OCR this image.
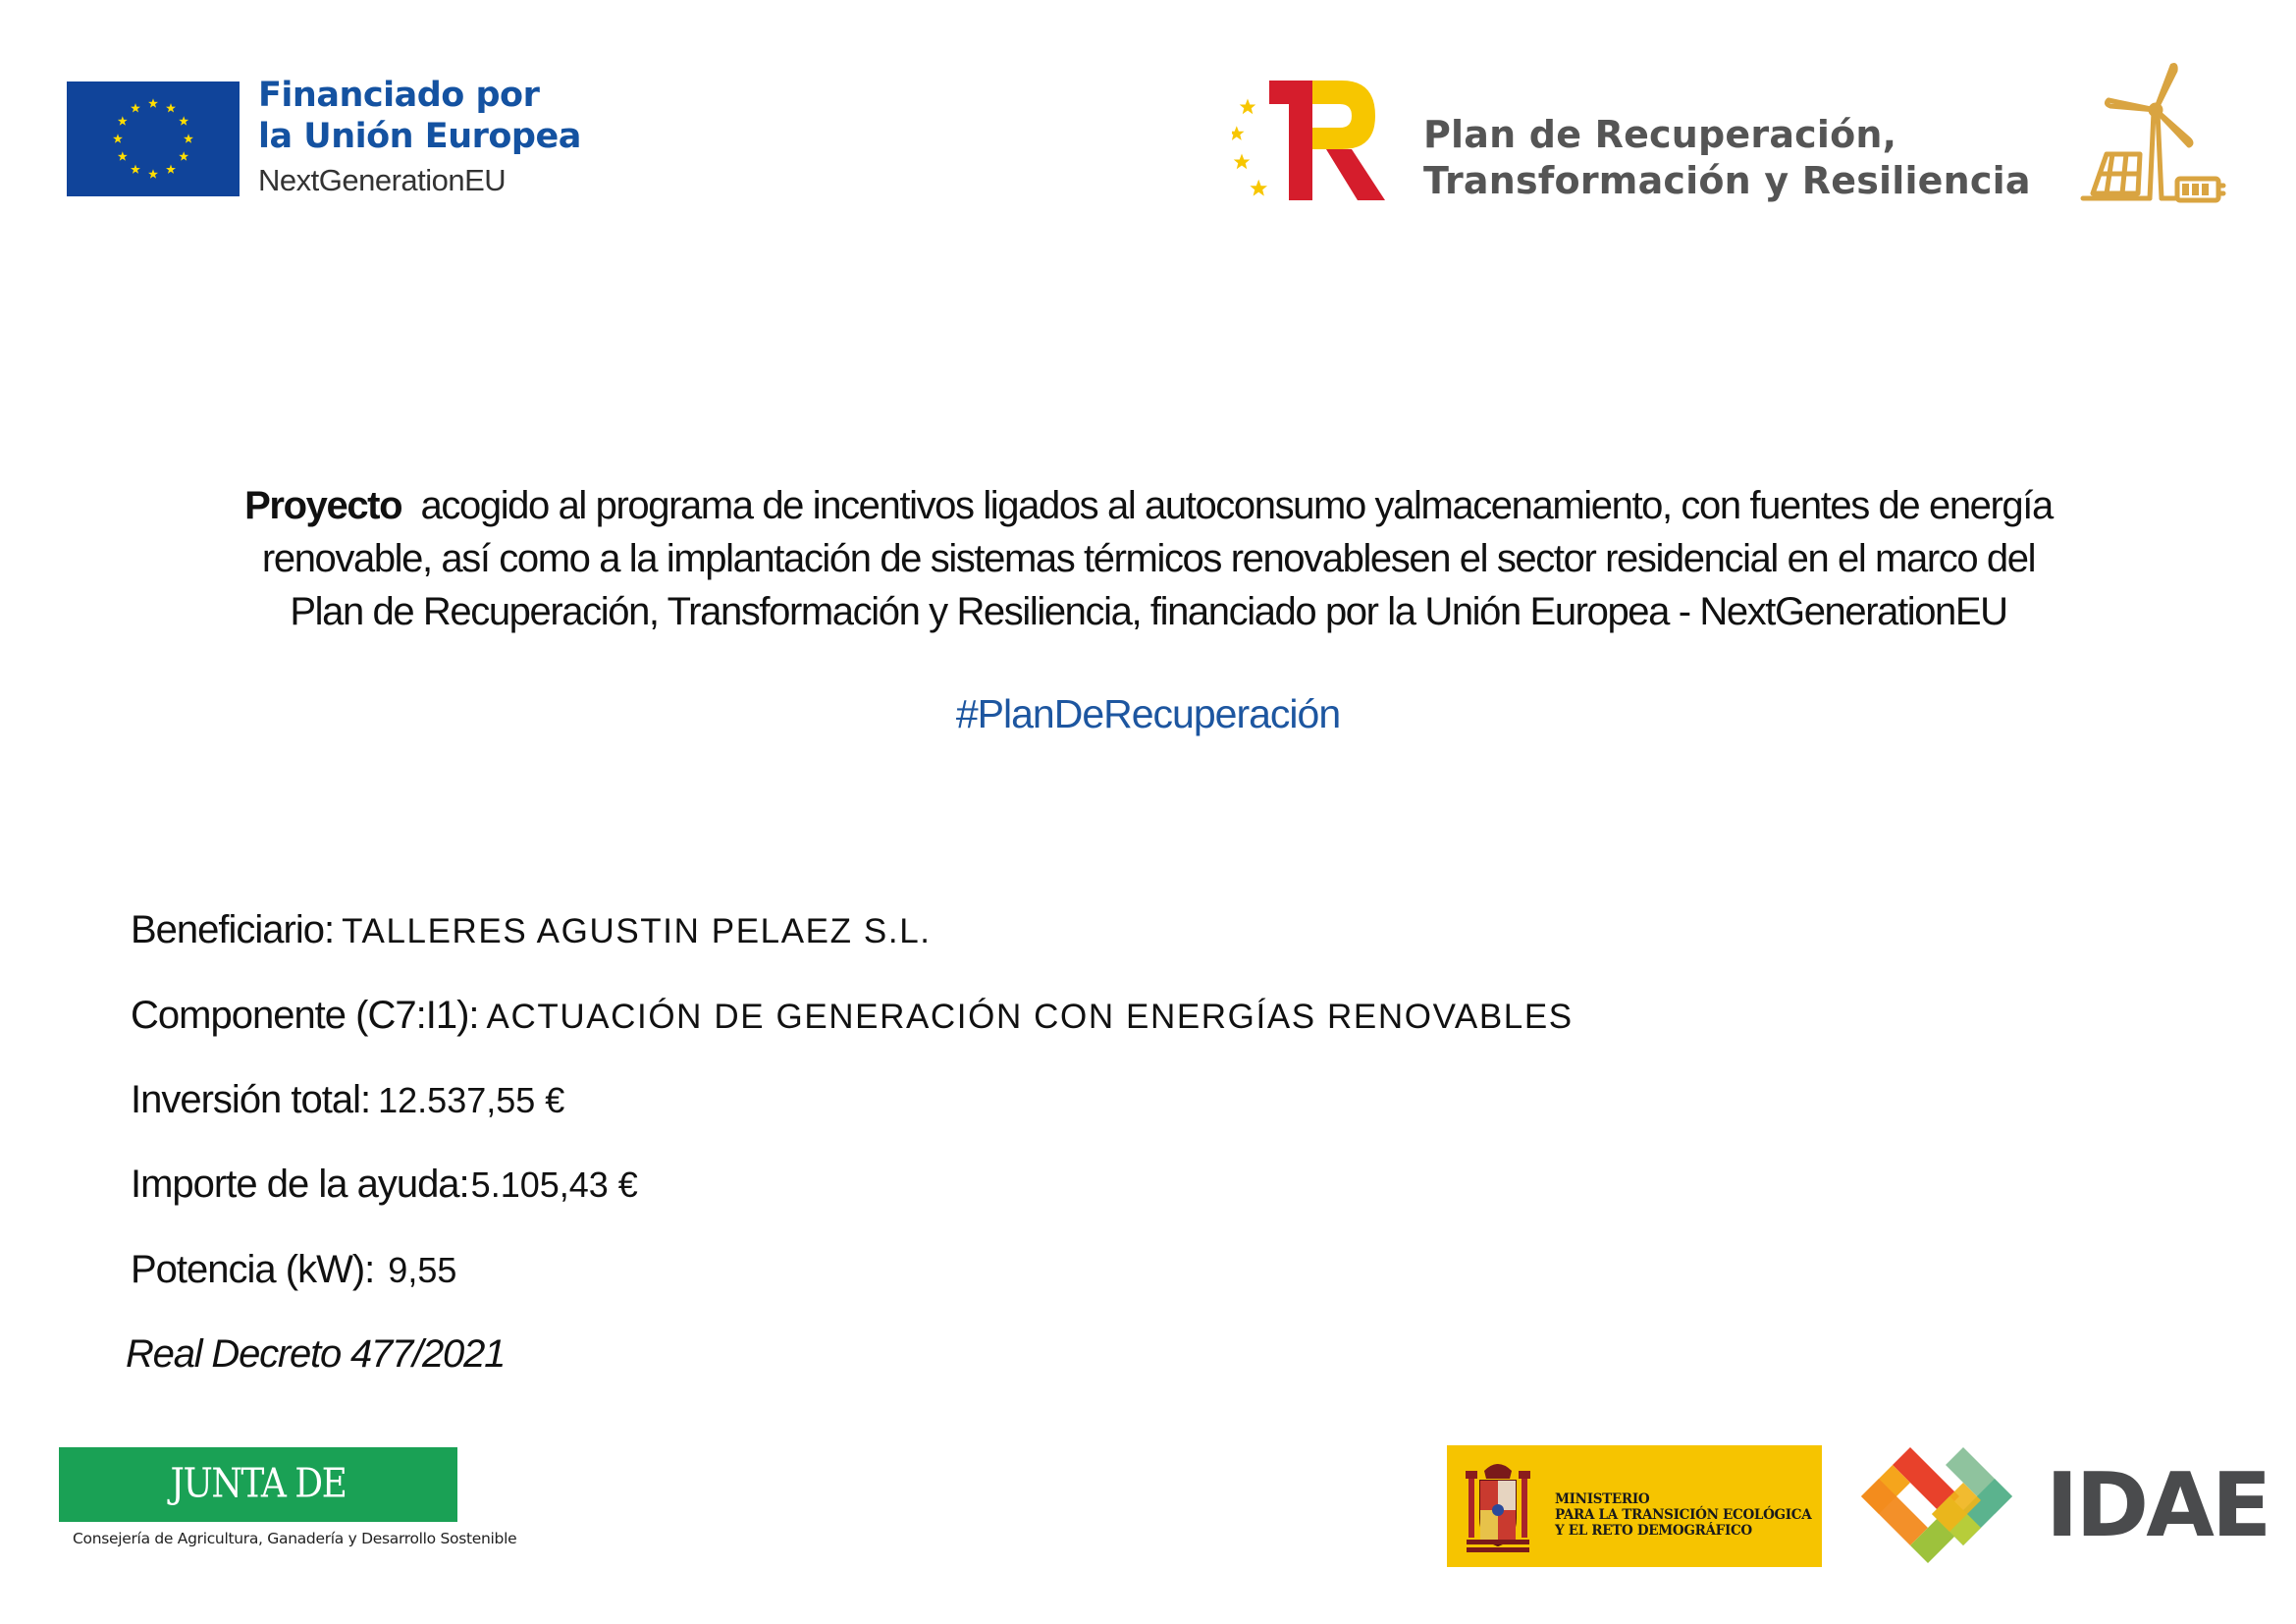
Financiado por
la Unión Europea
NextGenerationEU
Plan de Recuperación,
Transformación y Resiliencia
Proyecto  acogido al programa de incentivos ligados al autoconsumo yalmacenamiento, con fuentes de energía
renovable, así como a la implantación de sistemas térmicos renovablesen el sector residencial en el marco del
Plan de Recuperación, Transformación y Resiliencia, financiado por la Unión Europea - NextGenerationEU
#PlanDeRecuperación
Beneficiario: TALLERES AGUSTIN PELAEZ S.L.
Componente (C7:I1): ACTUACIÓN DE GENERACIÓN CON ENERGÍAS RENOVABLES
Inversión total: 12.537,55 €
Importe de la ayuda:5.105,43 €
Potencia (kW): 9,55
Real Decreto 477/2021
JUNTA DE EXTREMADURA
Consejería de Agricultura, Ganadería y Desarrollo Sostenible
MINISTERIO
PARA LA TRANSICIÓN ECOLÓGICA
Y EL RETO DEMOGRÁFICO	IDAE
